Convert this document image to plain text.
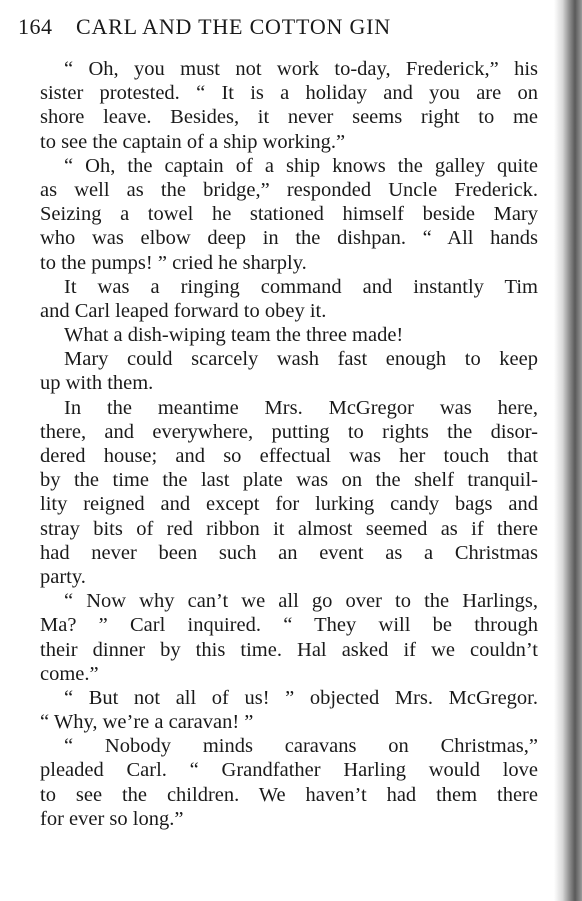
164 CARL AND THE COTTON GIN
“ Oh, you must not work to-day, Frederick,” his
sister protested. “ It is a holiday and you are on
shore leave. Besides, it never seems right to me
to see the captain of a ship working.”
“ Oh, the captain of a ship knows the galley quite
as well as the bridge,” responded Uncle Frederick.
Seizing a towel he stationed himself beside Mary
who was elbow deep in the dishpan. “ All hands
to the pumps! ” cried he sharply.
It was a ringing command and instantly Tim
and Carl leaped forward to obey it.
What a dish-wiping team the three made!
Mary could scarcely wash fast enough to keep
up with them.
In the meantime Mrs. McGregor was here,
there, and everywhere, putting to rights the disor-
dered house; and so effectual was her touch that
by the time the last plate was on the shelf tranquil-
lity reigned and except for lurking candy bags and
stray bits of red ribbon it almost seemed as if there
had never been such an event as a Christmas
party.
“ Now why can’t we all go over to the Harlings,
Ma? ” Carl inquired. “ They will be through
their dinner by this time. Hal asked if we couldn’t
come.”
“ But not all of us! ” objected Mrs. McGregor.
“ Why, we’re a caravan! ”
“ Nobody minds caravans on Christmas,”
pleaded Carl. “ Grandfather Harling would love
to see the children. We haven’t had them there
for ever so long.”
